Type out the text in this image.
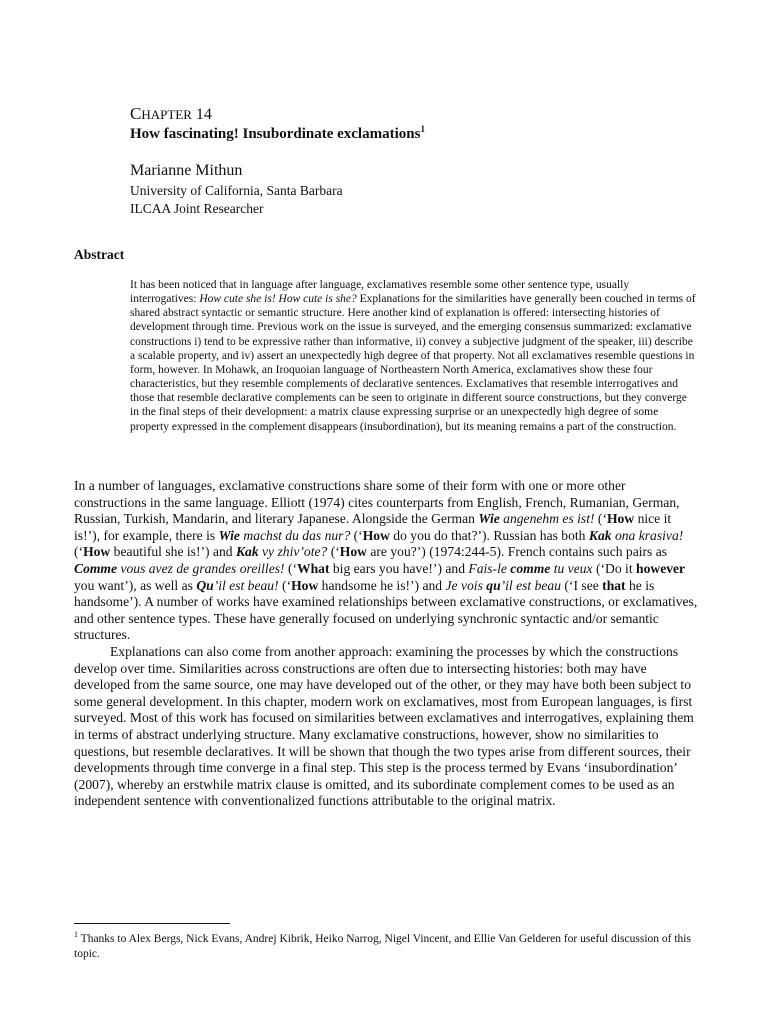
CHAPTER 14
How fascinating! Insubordinate exclamations$^1$
Marianne Mithun
University of California, Santa Barbara
ILCAA Joint Researcher
Abstract
It has been noticed that in language after language, exclamatives resemble some other sentence type, usually interrogatives: How cute she is! How cute is she? Explanations for the similarities have generally been couched in terms of shared abstract syntactic or semantic structure. Here another kind of explanation is offered: intersecting histories of development through time. Previous work on the issue is surveyed, and the emerging consensus summarized: exclamative constructions i) tend to be expressive rather than informative, ii) convey a subjective judgment of the speaker, iii) describe a scalable property, and iv) assert an unexpectedly high degree of that property. Not all exclamatives resemble questions in form, however. In Mohawk, an Iroquoian language of Northeastern North America, exclamatives show these four characteristics, but they resemble complements of declarative sentences. Exclamatives that resemble interrogatives and those that resemble declarative complements can be seen to originate in different source constructions, but they converge in the final steps of their development: a matrix clause expressing surprise or an unexpectedly high degree of some property expressed in the complement disappears (insubordination), but its meaning remains a part of the construction.

In a number of languages, exclamative constructions share some of their form with one or more other constructions in the same language. Elliott (1974) cites counterparts from English, French, Rumanian, German, Russian, Turkish, Mandarin, and literary Japanese. Alongside the German Wie angenehm es ist! (‘How nice it is!’), for example, there is Wie machst du das nur? (‘How do you do that?’). Russian has both Kak ona krasiva! (‘How beautiful she is!’) and Kak vy zhiv’ote? (‘How are you?’) (1974:244-5). French contains such pairs as Comme vous avez de grandes oreilles! (‘What big ears you have!’) and Fais-le comme tu veux (‘Do it however you want’), as well as Qu’il est beau! (‘How handsome he is!’) and Je vois qu’il est beau (‘I see that he is handsome’). A number of works have examined relationships between exclamative constructions, or exclamatives, and other sentence types. These have generally focused on underlying synchronic syntactic and/or semantic structures.

Explanations can also come from another approach: examining the processes by which the constructions develop over time. Similarities across constructions are often due to intersecting histories: both may have developed from the same source, one may have developed out of the other, or they may have both been subject to some general development. In this chapter, modern work on exclamatives, most from European languages, is first surveyed. Most of this work has focused on similarities between exclamatives and interrogatives, explaining them in terms of abstract underlying structure. Many exclamative constructions, however, show no similarities to questions, but resemble declaratives. It will be shown that though the two types arise from different sources, their developments through time converge in a final step. This step is the process termed by Evans ‘insubordination’ (2007), whereby an erstwhile matrix clause is omitted, and its subordinate complement comes to be used as an independent sentence with conventionalized functions attributable to the original matrix.

$^1$ Thanks to Alex Bergs, Nick Evans, Andrej Kibrik, Heiko Narrog, Nigel Vincent, and Ellie Van Gelderen for useful discussion of this topic.
